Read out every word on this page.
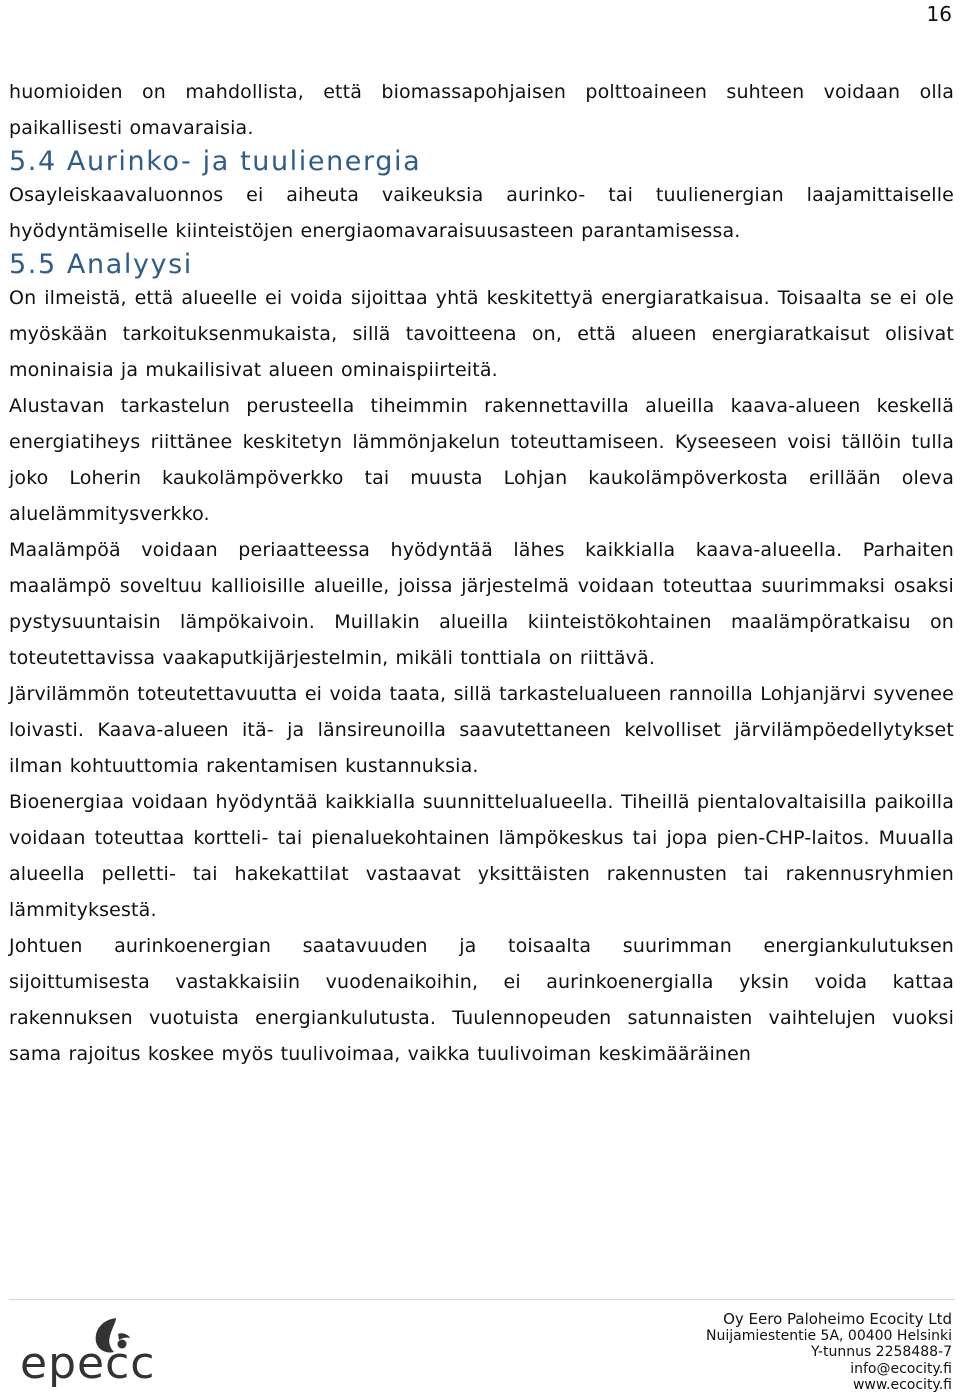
16

huomioiden on mahdollista, että biomassapohjaisen polttoaineen suhteen voidaan olla paikallisesti omavaraisia.

5.4 Aurinko- ja tuulienergia

Osayleiskaavaluonnos ei aiheuta vaikeuksia aurinko- tai tuulienergian laajamittaiselle hyödyntämiselle kiinteistöjen energiaomavaraisuusasteen parantamisessa.

5.5 Analyysi

On ilmeistä, että alueelle ei voida sijoittaa yhtä keskitettyä energiaratkaisua. Toisaalta se ei ole myöskään tarkoituksenmukaista, sillä tavoitteena on, että alueen energiaratkaisut olisivat moninaisia ja mukailisivat alueen ominaispiirteitä.

Alustavan tarkastelun perusteella tiheimmin rakennettavilla alueilla kaava-alueen keskellä energiatiheys riittänee keskitetyn lämmönjakelun toteuttamiseen. Kyseeseen voisi tällöin tulla joko Loherin kaukolämpöverkko tai muusta Lohjan kaukolämpöverkosta erillään oleva aluelämmitysverkko.

Maalämpöä voidaan periaatteessa hyödyntää lähes kaikkialla kaava-alueella. Parhaiten maalämpö soveltuu kallioisille alueille, joissa järjestelmä voidaan toteuttaa suurimmaksi osaksi pystysuuntaisin lämpökaivoin. Muillakin alueilla kiinteistökohtainen maalämpöratkaisu on toteutettavissa vaakaputkijärjestelmin, mikäli tonttiala on riittävä.

Järvilämmön toteutettavuutta ei voida taata, sillä tarkastelualueen rannoilla Lohjanjärvi syvenee loivasti. Kaava-alueen itä- ja länsireunoilla saavutettaneen kelvolliset järvilämpöedellytykset ilman kohtuuttomia rakentamisen kustannuksia.

Bioenergiaa voidaan hyödyntää kaikkialla suunnittelualueella. Tiheillä pientalovaltaisilla paikoilla voidaan toteuttaa kortteli- tai pienaluekohtainen lämpökeskus tai jopa pien-CHP-laitos. Muualla alueella pelletti- tai hakekattilat vastaavat yksittäisten rakennusten tai rakennusryhmien lämmityksestä.

Johtuen aurinkoenergian saatavuuden ja toisaalta suurimman energiankulutuksen sijoittumisesta vastakkaisiin vuodenaikoihin, ei aurinkoenergialla yksin voida kattaa rakennuksen vuotuista energiankulutusta. Tuulennopeuden satunnaisten vaihtelujen vuoksi sama rajoitus koskee myös tuulivoimaa, vaikka tuulivoiman keskimääräinen

epecc
Oy Eero Paloheimo Ecocity Ltd
Nuijamiestentie 5A, 00400 Helsinki
Y-tunnus 2258488-7
info@ecocity.fi
www.ecocity.fi
